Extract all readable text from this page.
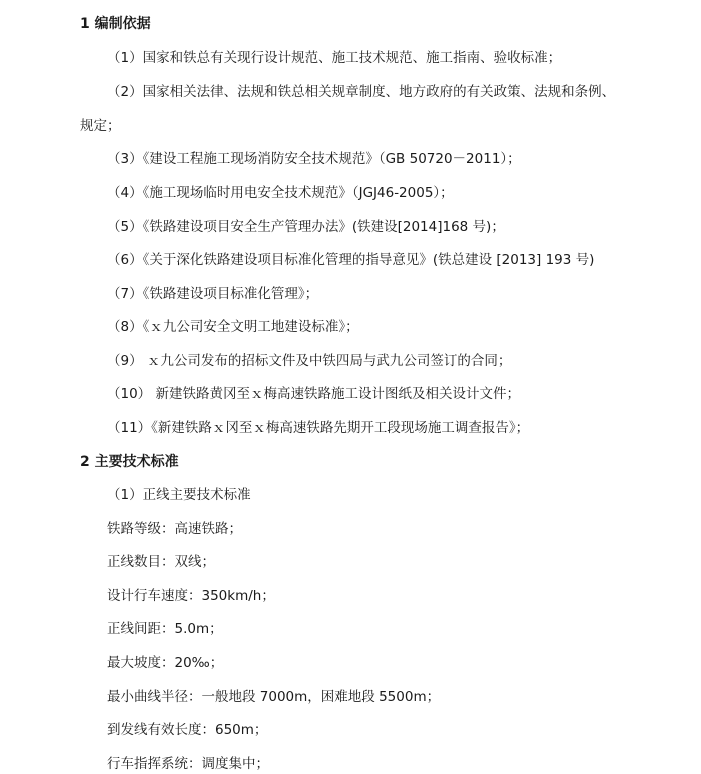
1 编制依据
（1）国家和铁总有关现行设计规范、施工技术规范、施工指南、验收标准；
（2）国家相关法律、法规和铁总相关规章制度、地方政府的有关政策、法规和条例、
规定；
（3）《建设工程施工现场消防安全技术规范》（GB 50720－2011）；
（4）《施工现场临时用电安全技术规范》（JGJ46-2005）；
（5）《铁路建设项目安全生产管理办法》(铁建设[2014]168 号)；
（6）《关于深化铁路建设项目标准化管理的指导意见》(铁总建设 [2013] 193 号)
（7）《铁路建设项目标准化管理》；
（8）《ｘ九公司安全文明工地建设标准》；
（9） ｘ九公司发布的招标文件及中铁四局与武九公司签订的合同；
（10） 新建铁路黄冈至ｘ梅高速铁路施工设计图纸及相关设计文件；
（11）《新建铁路ｘ冈至ｘ梅高速铁路先期开工段现场施工调查报告》；
2 主要技术标准
（1）正线主要技术标准
铁路等级：高速铁路；
正线数目：双线；
设计行车速度：350km/h；
正线间距：5.0m；
最大坡度：20‰；
最小曲线半径：一般地段 7000m，困难地段 5500m；
到发线有效长度：650m；
行车指挥系统：调度集中；
